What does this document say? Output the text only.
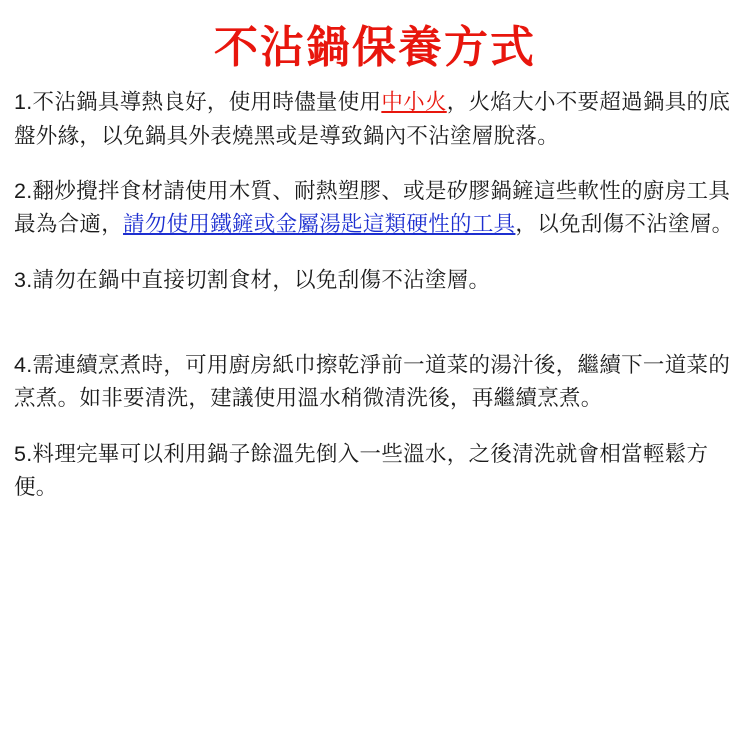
不沾鍋保養方式

1.不沾鍋具導熱良好，使用時儘量使用中小火，火焰大小不要超過鍋具的底盤外緣，以免鍋具外表燒黑或是導致鍋內不沾塗層脫落。

2.翻炒攪拌食材請使用木質、耐熱塑膠、或是矽膠鍋鏟這些軟性的廚房工具最為合適，請勿使用鐵鏟或金屬湯匙這類硬性的工具，以免刮傷不沾塗層。

3.請勿在鍋中直接切割食材，以免刮傷不沾塗層。

4.需連續烹煮時，可用廚房紙巾擦乾淨前一道菜的湯汁後，繼續下一道菜的烹煮。如非要清洗，建議使用溫水稍微清洗後，再繼續烹煮。

5.料理完畢可以利用鍋子餘溫先倒入一些溫水，之後清洗就會相當輕鬆方便。
